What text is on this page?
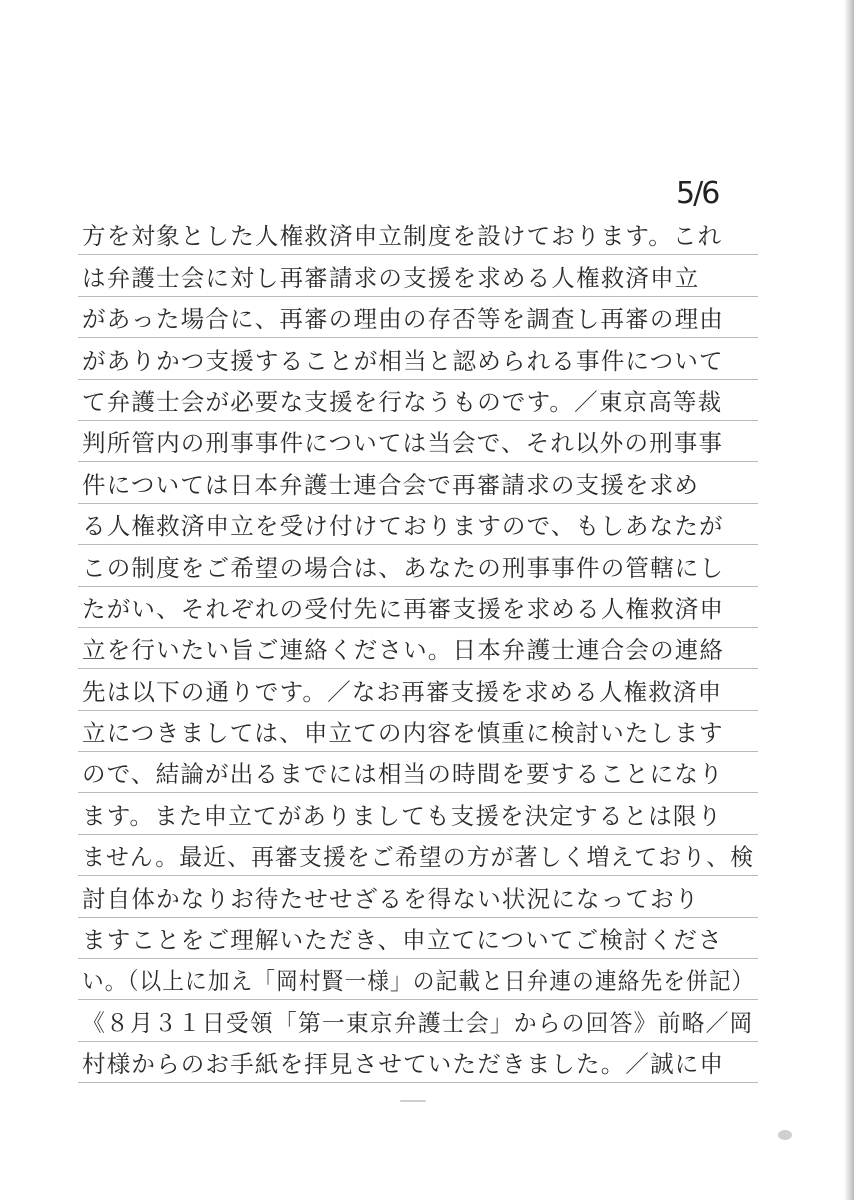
5/6
方を対象とした人権救済申立制度を設けております。これ
は弁護士会に対し再審請求の支援を求める人権救済申立
があった場合に、再審の理由の存否等を調査し再審の理由
がありかつ支援することが相当と認められる事件について
て弁護士会が必要な支援を行なうものです。／東京高等裁
判所管内の刑事事件については当会で、それ以外の刑事事
件については日本弁護士連合会で再審請求の支援を求め
る人権救済申立を受け付けておりますので、もしあなたが
この制度をご希望の場合は、あなたの刑事事件の管轄にし
たがい、それぞれの受付先に再審支援を求める人権救済申
立を行いたい旨ご連絡ください。日本弁護士連合会の連絡
先は以下の通りです。／なお再審支援を求める人権救済申
立につきましては、申立ての内容を慎重に検討いたします
ので、結論が出るまでには相当の時間を要することになり
ます。また申立てがありましても支援を決定するとは限り
ません。最近、再審支援をご希望の方が著しく増えており、検
討自体かなりお待たせせざるを得ない状況になっており
ますことをご理解いただき、申立てについてご検討くださ
い。（以上に加え「岡村賢一様」の記載と日弁連の連絡先を併記）
《８月３１日受領「第一東京弁護士会」からの回答》前略／岡
村様からのお手紙を拝見させていただきました。／誠に申
